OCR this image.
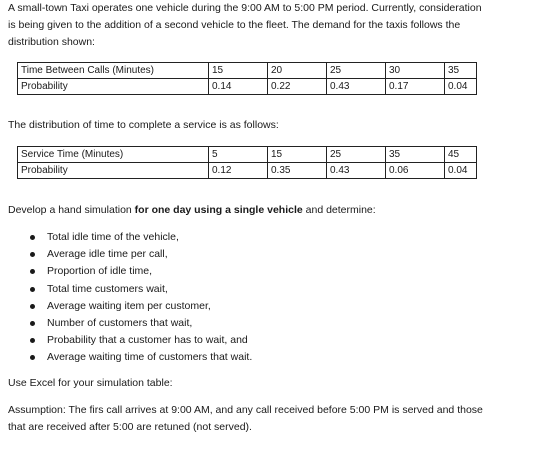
A small-town Taxi operates one vehicle during the 9:00 AM to 5:00 PM period. Currently, consideration
is being given to the addition of a second vehicle to the fleet. The demand for the taxis follows the
distribution shown:
Time Between Calls (Minutes)	15	20	25	30	35
Probability	0.14	0.22	0.43	0.17	0.04
The distribution of time to complete a service is as follows:
Service Time (Minutes)	5	15	25	35	45
Probability	0.12	0.35	0.43	0.06	0.04
Develop a hand simulation for one day using a single vehicle and determine:
Total idle time of the vehicle,
Average idle time per call,
Proportion of idle time,
Total time customers wait,
Average waiting item per customer,
Number of customers that wait,
Probability that a customer has to wait, and
Average waiting time of customers that wait.
Use Excel for your simulation table:
Assumption: The firs call arrives at 9:00 AM, and any call received before 5:00 PM is served and those
that are received after 5:00 are retuned (not served).
